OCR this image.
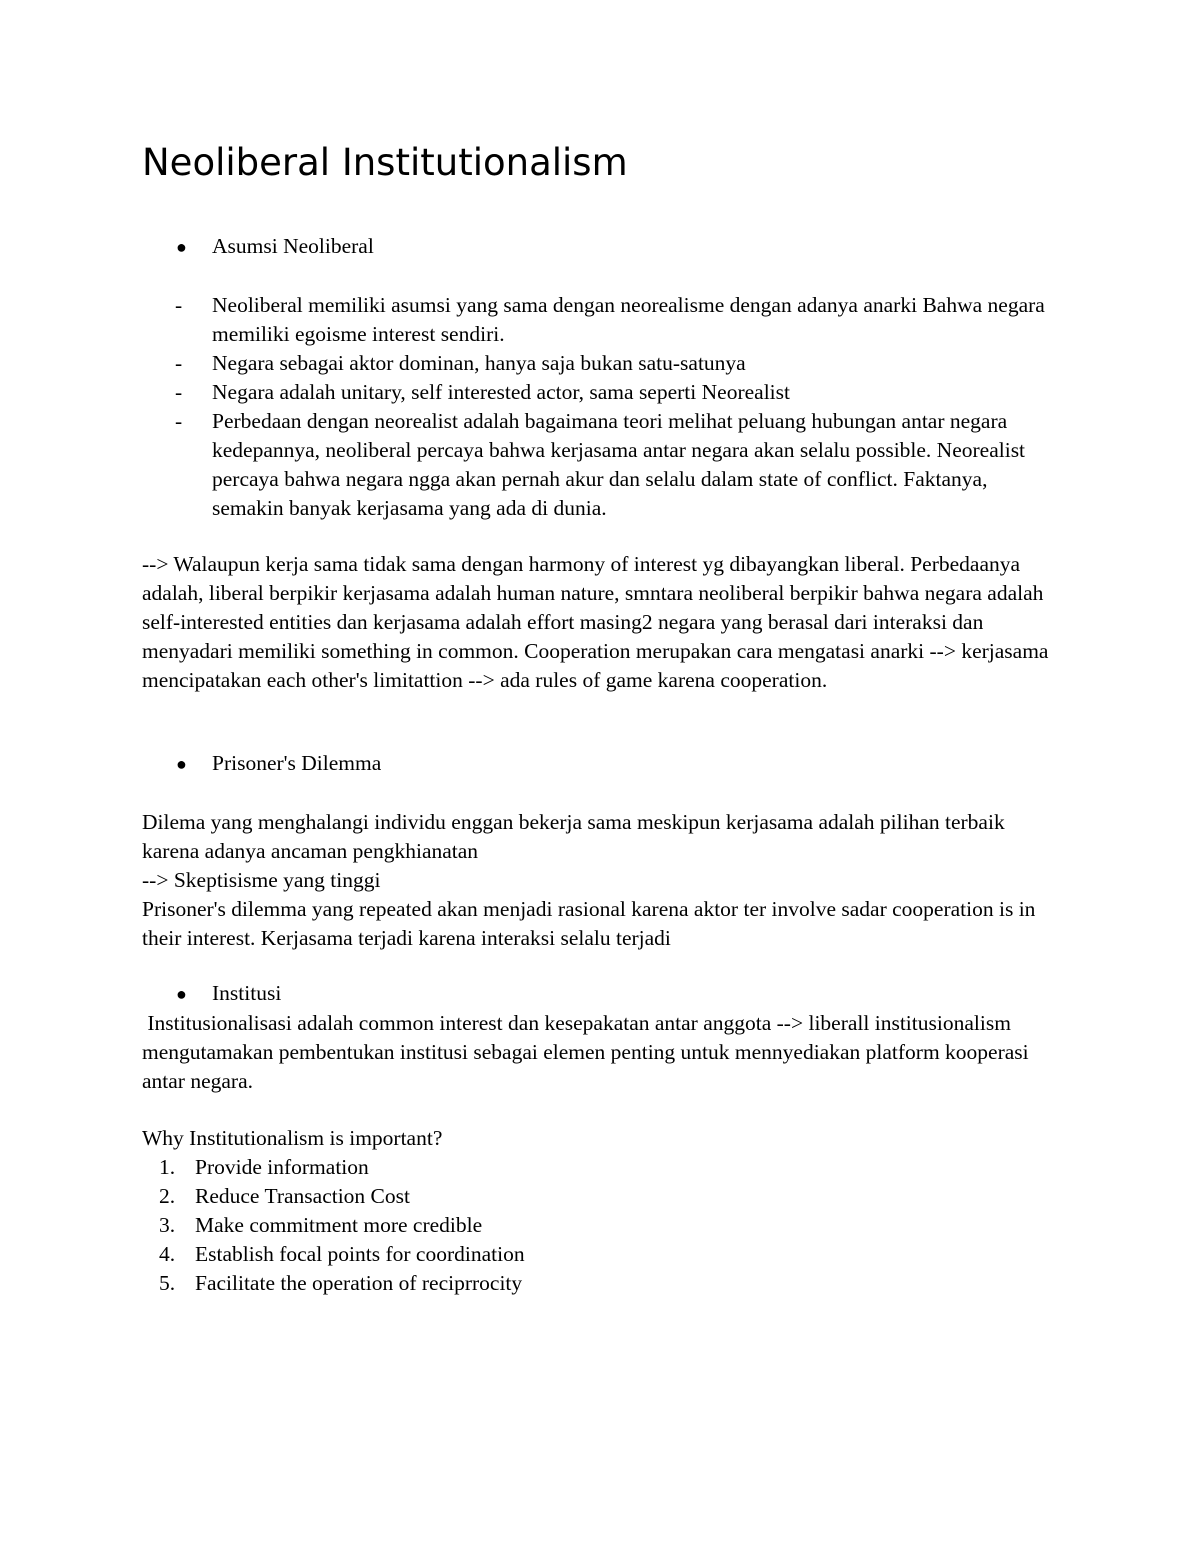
Neoliberal Institutionalism
●	Asumsi Neoliberal
-	Neoliberal memiliki asumsi yang sama dengan neorealisme dengan adanya anarki Bahwa negara memiliki egoisme interest sendiri.
-	Negara sebagai aktor dominan, hanya saja bukan satu-satunya
-	Negara adalah unitary, self interested actor, sama seperti Neorealist
-	Perbedaan dengan neorealist adalah bagaimana teori melihat peluang hubungan antar negara kedepannya, neoliberal percaya bahwa kerjasama antar negara akan selalu possible. Neorealist percaya bahwa negara ngga akan pernah akur dan selalu dalam state of conflict. Faktanya, semakin banyak kerjasama yang ada di dunia.

--> Walaupun kerja sama tidak sama dengan harmony of interest yg dibayangkan liberal. Perbedaanya adalah, liberal berpikir kerjasama adalah human nature, smntara neoliberal berpikir bahwa negara adalah self-interested entities dan kerjasama adalah effort masing2 negara yang berasal dari interaksi dan menyadari memiliki something in common. Cooperation merupakan cara mengatasi anarki --> kerjasama mencipatakan each other's limitattion --> ada rules of game karena cooperation.

●	Prisoner's Dilemma

Dilema yang menghalangi individu enggan bekerja sama meskipun kerjasama adalah pilihan terbaik karena adanya ancaman pengkhianatan

--> Skeptisisme yang tinggi

Prisoner's dilemma yang repeated akan menjadi rasional karena aktor ter involve sadar cooperation is in their interest. Kerjasama terjadi karena interaksi selalu terjadi

●	Institusi

Institusionalisasi adalah common interest dan kesepakatan antar anggota --> liberall institusionalism mengutamakan pembentukan institusi sebagai elemen penting untuk mennyediakan platform kooperasi antar negara.

Why Institutionalism is important?

1. Provide information
2. Reduce Transaction Cost
3. Make commitment more credible
4. Establish focal points for coordination
5. Facilitate the operation of reciprrocity
